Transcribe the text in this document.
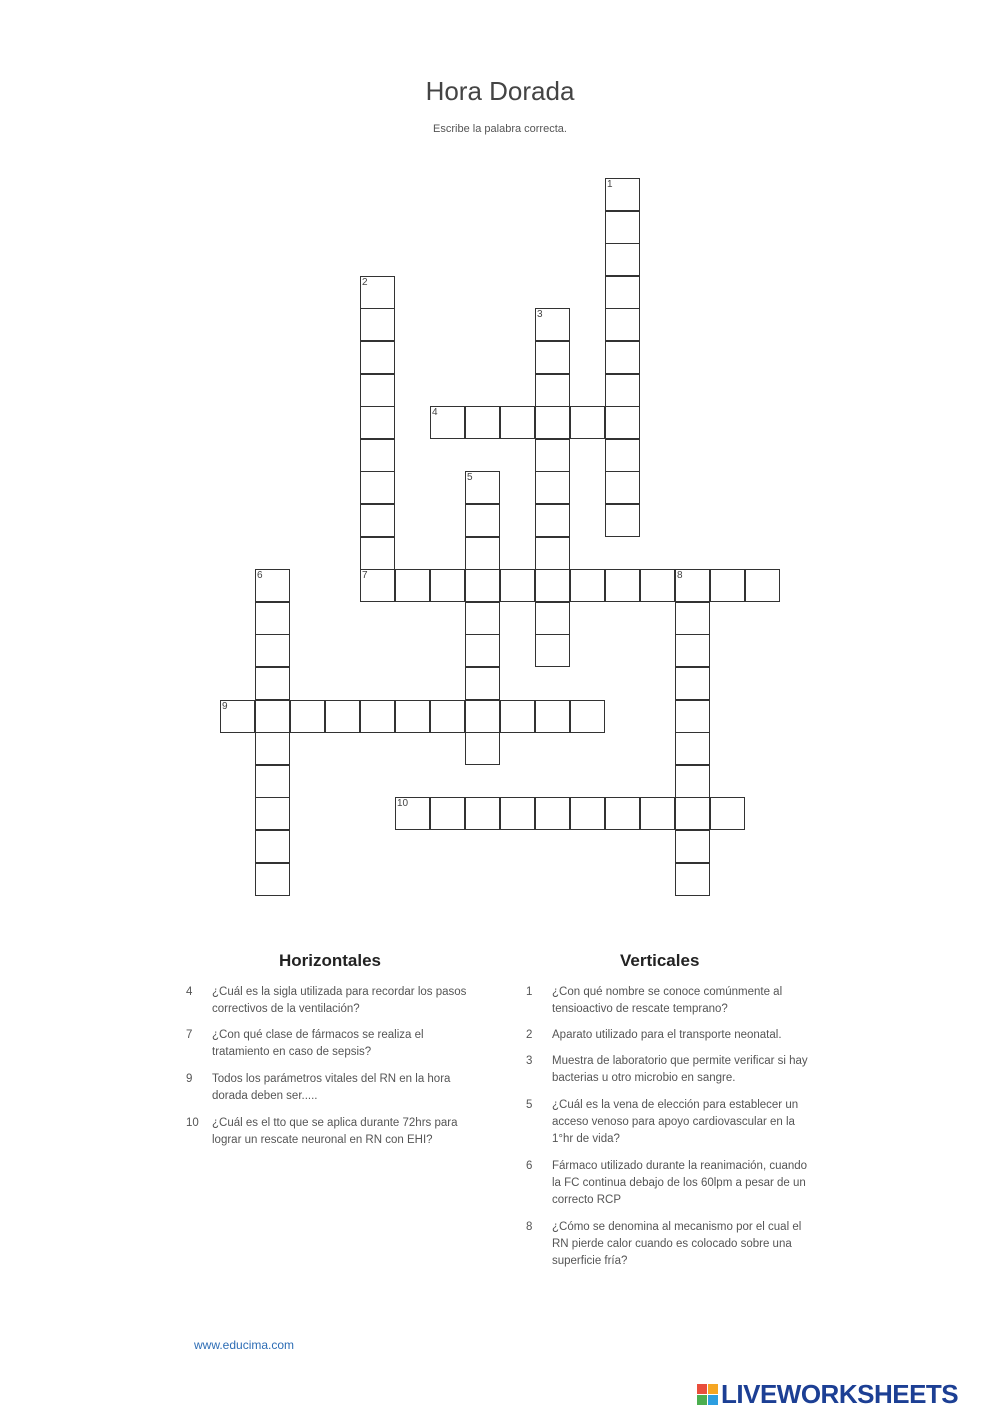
Hora Dorada
Escribe la palabra correcta.
1
2
7
3
4
5
6	8
9
10
Horizontales	Verticales
4	¿Cuál es la sigla utilizada para recordar los pasos correctivos de la ventilación?
7	¿Con qué clase de fármacos se realiza el tratamiento en caso de sepsis?
9	Todos los parámetros vitales del RN en la hora dorada deben ser.....
10	¿Cuál es el tto que se aplica durante 72hrs para lograr un rescate neuronal en RN con EHI?
1	¿Con qué nombre se conoce comúnmente al tensioactivo de rescate temprano?
2	Aparato utilizado para el transporte neonatal.
3	Muestra de laboratorio que permite verificar si hay bacterias u otro microbio en sangre.
5	¿Cuál es la vena de elección para establecer un acceso venoso para apoyo cardiovascular en la 1°hr de vida?
6	Fármaco utilizado durante la reanimación, cuando la FC continua debajo de los 60lpm a pesar de un correcto RCP
8	¿Cómo se denomina al mecanismo por el cual el RN pierde calor cuando es colocado sobre una superficie fría?
www.educima.com
LIVEWORKSHEETS
